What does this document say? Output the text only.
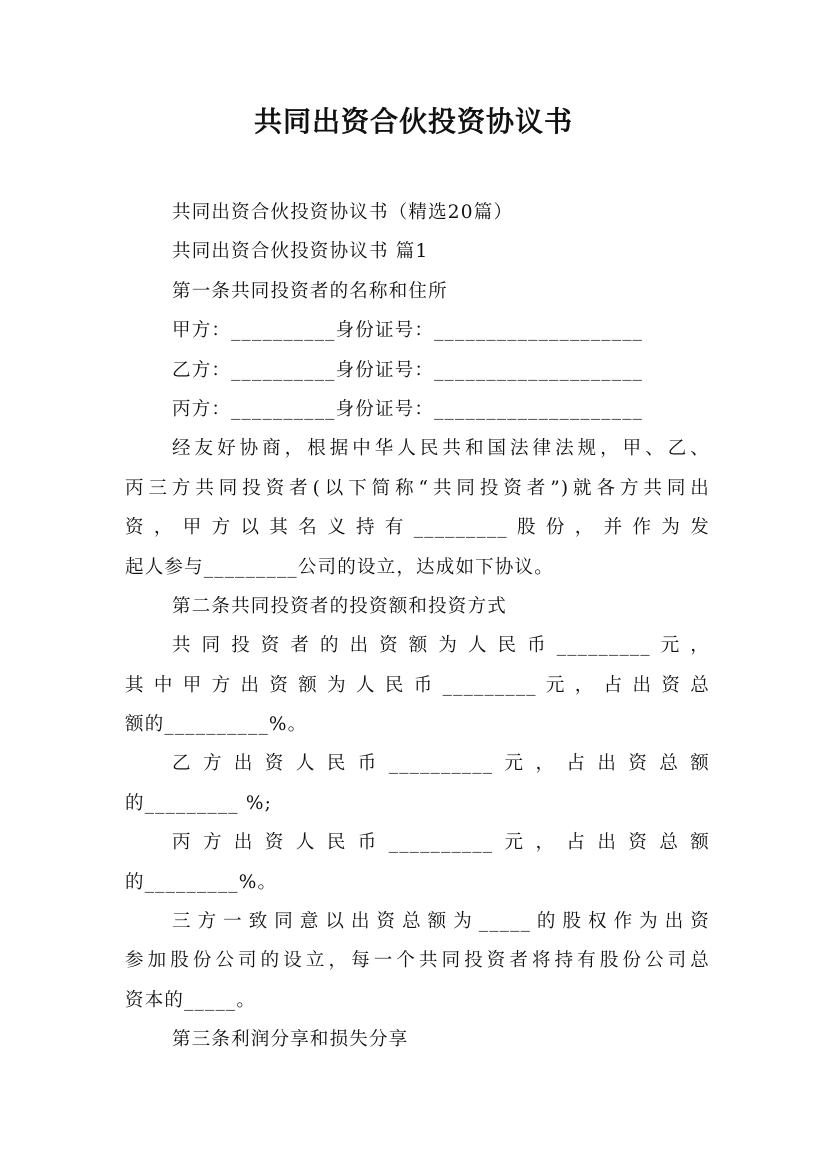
共同出资合伙投资协议书

共同出资合伙投资协议书（精选20篇）

共同出资合伙投资协议书 篇1

第一条共同投资者的名称和住所

甲方：__________身份证号：____________________

乙方：__________身份证号：____________________

丙方：__________身份证号：____________________

经友好协商，根据中华人民共和国法律法规，甲、乙、

丙三方共同投资者(以下简称“共同投资者”)就各方共同出

资，甲方以其名义持有_________股份，并作为发

起人参与_________公司的设立，达成如下协议。

第二条共同投资者的投资额和投资方式

共同投资者的出资额为人民币_________元，

其中甲方出资额为人民币_________元，占出资总

额的__________%。

乙方出资人民币__________元，占出资总额

的_________ %;

丙方出资人民币__________元，占出资总额

的_________%。

三方一致同意以出资总额为_____的股权作为出资

参加股份公司的设立，每一个共同投资者将持有股份公司总

资本的_____。

第三条利润分享和损失分享
